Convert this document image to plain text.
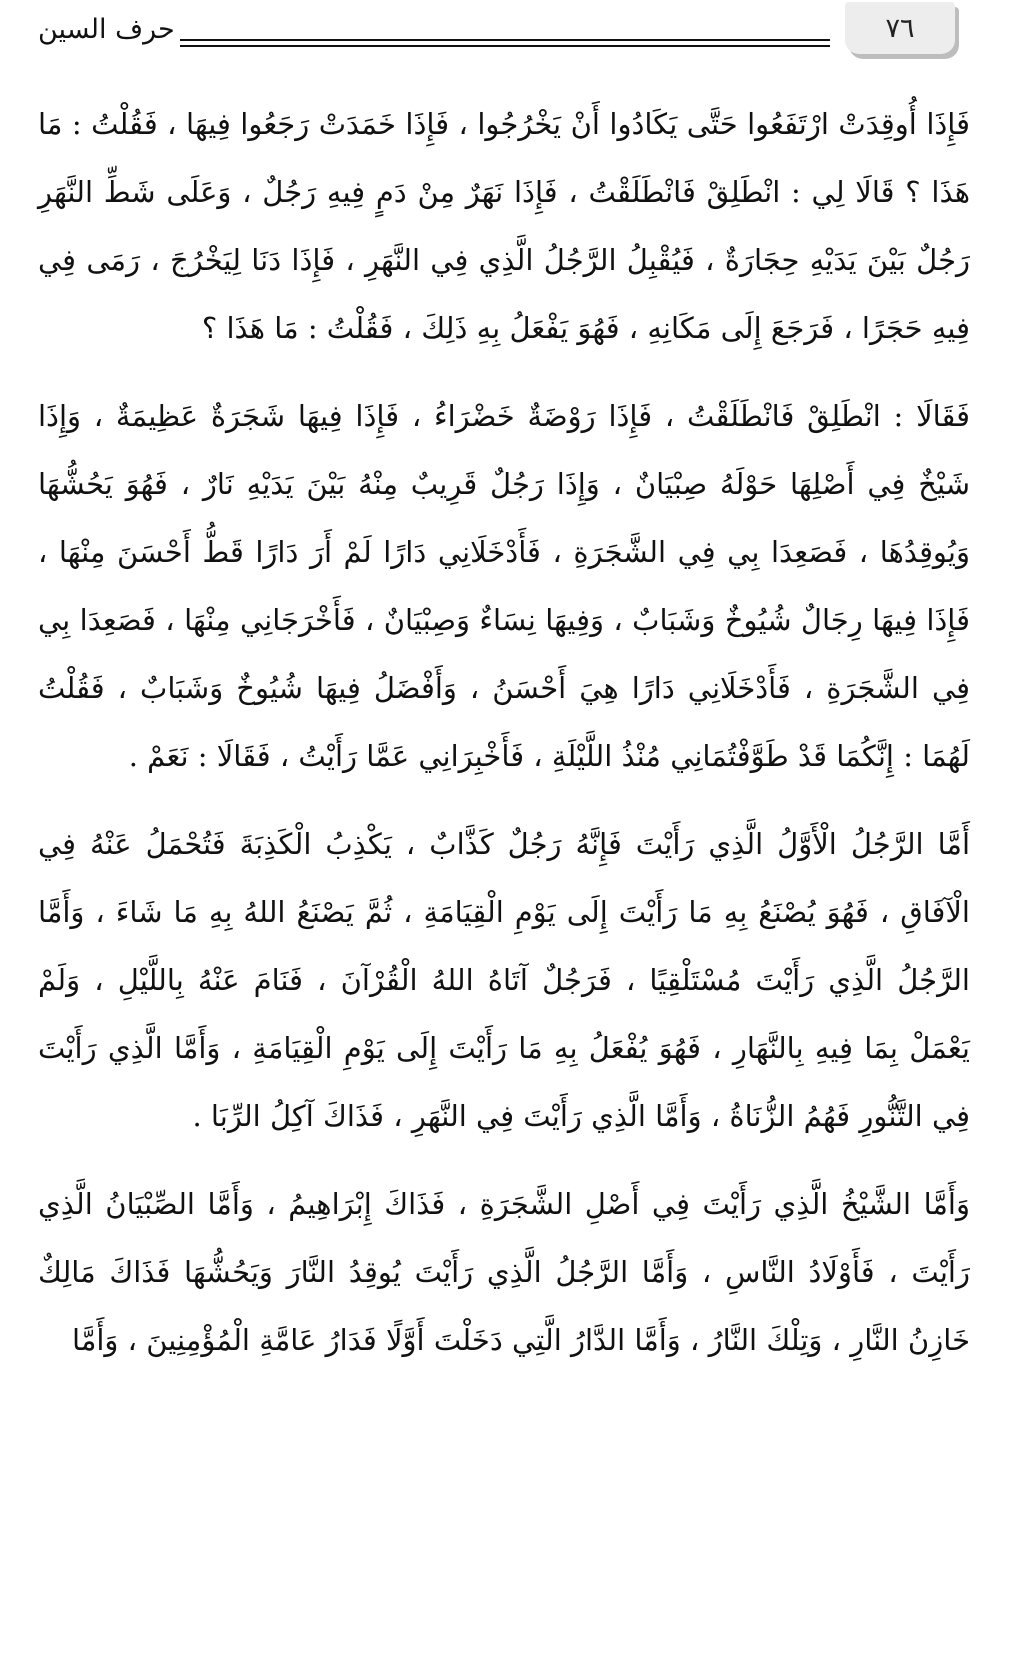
٧٦
حرف السين

فَإِذَا أُوقِدَتْ ارْتَفَعُوا حَتَّى يَكَادُوا أَنْ يَخْرُجُوا ، فَإِذَا خَمَدَتْ رَجَعُوا فِيهَا ، فَقُلْتُ : مَا هَذَا ؟ قَالَا لِي : انْطَلِقْ فَانْطَلَقْتُ ، فَإِذَا نَهَرٌ مِنْ دَمٍ فِيهِ رَجُلٌ ، وَعَلَى شَطِّ النَّهَرِ رَجُلٌ بَيْنَ يَدَيْهِ حِجَارَةٌ ، فَيُقْبِلُ الرَّجُلُ الَّذِي فِي النَّهَرِ ، فَإِذَا دَنَا لِيَخْرُجَ ، رَمَى فِي فِيهِ حَجَرًا ، فَرَجَعَ إِلَى مَكَانِهِ ، فَهُوَ يَفْعَلُ بِهِ ذَلِكَ ، فَقُلْتُ : مَا هَذَا ؟

فَقَالَا : انْطَلِقْ فَانْطَلَقْتُ ، فَإِذَا رَوْضَةٌ خَضْرَاءُ ، فَإِذَا فِيهَا شَجَرَةٌ عَظِيمَةٌ ، وَإِذَا شَيْخٌ فِي أَصْلِهَا حَوْلَهُ صِبْيَانٌ ، وَإِذَا رَجُلٌ قَرِيبٌ مِنْهُ بَيْنَ يَدَيْهِ نَارٌ ، فَهُوَ يَحُشُّهَا وَيُوقِدُهَا ، فَصَعِدَا بِي فِي الشَّجَرَةِ ، فَأَدْخَلَانِي دَارًا لَمْ أَرَ دَارًا قَطُّ أَحْسَنَ مِنْهَا ، فَإِذَا فِيهَا رِجَالٌ شُيُوخٌ وَشَبَابٌ ، وَفِيهَا نِسَاءٌ وَصِبْيَانٌ ، فَأَخْرَجَانِي مِنْهَا ، فَصَعِدَا بِي فِي الشَّجَرَةِ ، فَأَدْخَلَانِي دَارًا هِيَ أَحْسَنُ ، وَأَفْضَلُ فِيهَا شُيُوخٌ وَشَبَابٌ ، فَقُلْتُ لَهُمَا : إِنَّكُمَا قَدْ طَوَّفْتُمَانِي مُنْذُ اللَّيْلَةِ ، فَأَخْبِرَانِي عَمَّا رَأَيْتُ ، فَقَالَا : نَعَمْ .

أَمَّا الرَّجُلُ الْأَوَّلُ الَّذِي رَأَيْتَ فَإِنَّهُ رَجُلٌ كَذَّابٌ ، يَكْذِبُ الْكَذِبَةَ فَتُحْمَلُ عَنْهُ فِي الْآفَاقِ ، فَهُوَ يُصْنَعُ بِهِ مَا رَأَيْتَ إِلَى يَوْمِ الْقِيَامَةِ ، ثُمَّ يَصْنَعُ اللهُ بِهِ مَا شَاءَ ، وَأَمَّا الرَّجُلُ الَّذِي رَأَيْتَ مُسْتَلْقِيًا ، فَرَجُلٌ آتَاهُ اللهُ الْقُرْآنَ ، فَنَامَ عَنْهُ بِاللَّيْلِ ، وَلَمْ يَعْمَلْ بِمَا فِيهِ بِالنَّهَارِ ، فَهُوَ يُفْعَلُ بِهِ مَا رَأَيْتَ إِلَى يَوْمِ الْقِيَامَةِ ، وَأَمَّا الَّذِي رَأَيْتَ فِي التَّنُّورِ فَهُمُ الزُّنَاةُ ، وَأَمَّا الَّذِي رَأَيْتَ فِي النَّهَرِ ، فَذَاكَ آكِلُ الرِّبَا .

وَأَمَّا الشَّيْخُ الَّذِي رَأَيْتَ فِي أَصْلِ الشَّجَرَةِ ، فَذَاكَ إِبْرَاهِيمُ ، وَأَمَّا الصِّبْيَانُ الَّذِي رَأَيْتَ ، فَأَوْلَادُ النَّاسِ ، وَأَمَّا الرَّجُلُ الَّذِي رَأَيْتَ يُوقِدُ النَّارَ وَيَحُشُّهَا فَذَاكَ مَالِكٌ خَازِنُ النَّارِ ، وَتِلْكَ النَّارُ ، وَأَمَّا الدَّارُ الَّتِي دَخَلْتَ أَوَّلًا فَدَارُ عَامَّةِ الْمُؤْمِنِينَ ، وَأَمَّا
